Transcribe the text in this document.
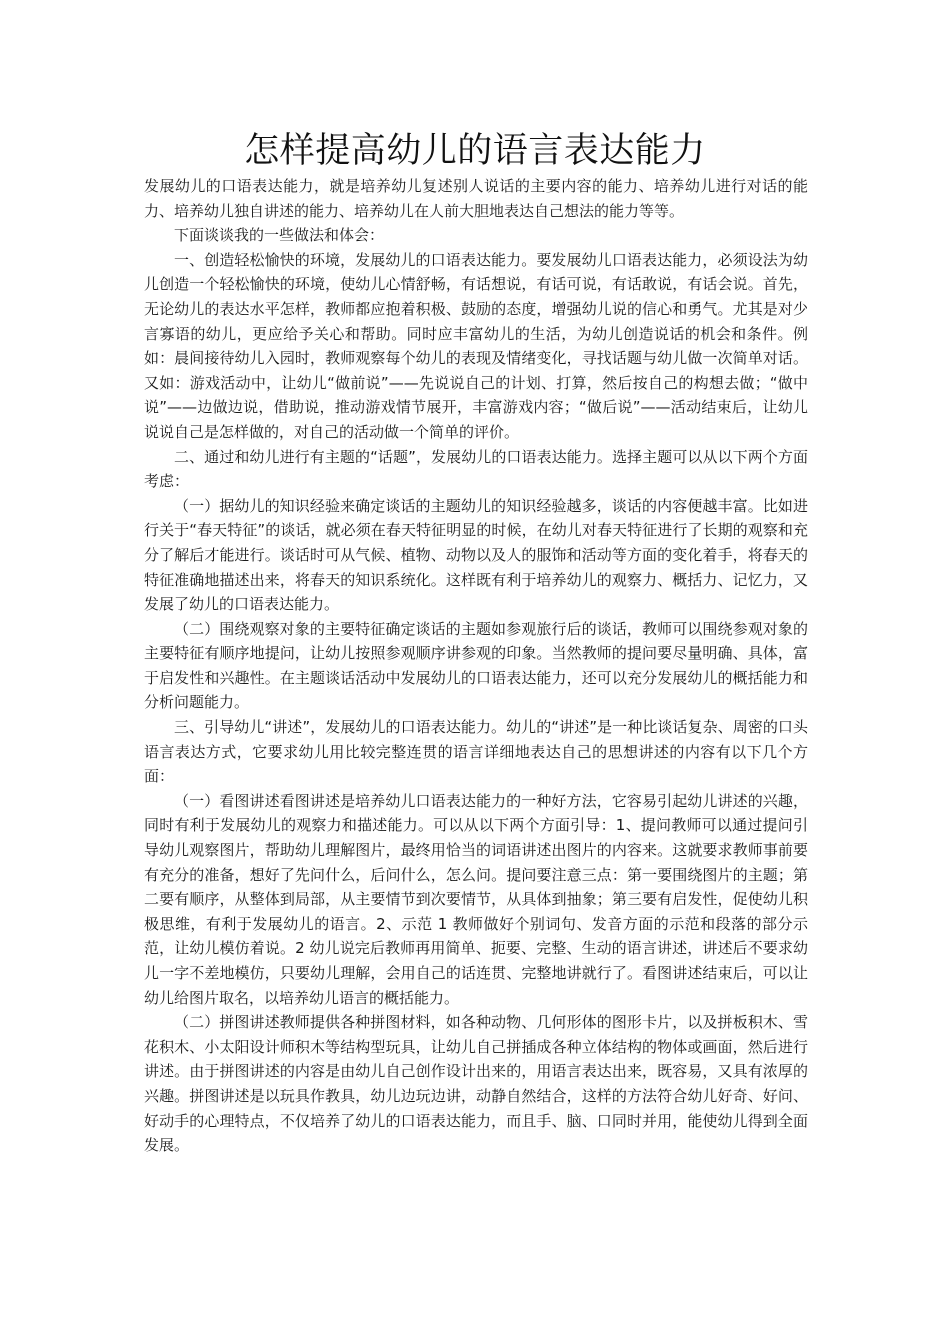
怎样提高幼儿的语言表达能力

发展幼儿的口语表达能力，就是培养幼儿复述别人说话的主要内容的能力、培养幼儿进行对话的能力、培养幼儿独自讲述的能力、培养幼儿在人前大胆地表达自己想法的能力等等。

下面谈谈我的一些做法和体会：

一、创造轻松愉快的环境，发展幼儿的口语表达能力。要发展幼儿口语表达能力，必须设法为幼儿创造一个轻松愉快的环境，使幼儿心情舒畅，有话想说，有话可说，有话敢说，有话会说。首先，无论幼儿的表达水平怎样，教师都应抱着积极、鼓励的态度，增强幼儿说的信心和勇气。尤其是对少言寡语的幼儿，更应给予关心和帮助。同时应丰富幼儿的生活，为幼儿创造说话的机会和条件。例如：晨间接待幼儿入园时，教师观察每个幼儿的表现及情绪变化，寻找话题与幼儿做一次简单对话。又如：游戏活动中，让幼儿“做前说”——先说说自己的计划、打算，然后按自己的构想去做；“做中说”——边做边说，借助说，推动游戏情节展开，丰富游戏内容；“做后说”——活动结束后，让幼儿说说自己是怎样做的，对自己的活动做一个简单的评价。

二、通过和幼儿进行有主题的“话题”，发展幼儿的口语表达能力。选择主题可以从以下两个方面考虑：

（一）据幼儿的知识经验来确定谈话的主题幼儿的知识经验越多，谈话的内容便越丰富。比如进行关于“春天特征”的谈话，就必须在春天特征明显的时候，在幼儿对春天特征进行了长期的观察和充分了解后才能进行。谈话时可从气候、植物、动物以及人的服饰和活动等方面的变化着手，将春天的特征准确地描述出来，将春天的知识系统化。这样既有利于培养幼儿的观察力、概括力、记忆力，又发展了幼儿的口语表达能力。

（二）围绕观察对象的主要特征确定谈话的主题如参观旅行后的谈话，教师可以围绕参观对象的主要特征有顺序地提问，让幼儿按照参观顺序讲参观的印象。当然教师的提问要尽量明确、具体，富于启发性和兴趣性。在主题谈话活动中发展幼儿的口语表达能力，还可以充分发展幼儿的概括能力和分析问题能力。

三、引导幼儿“讲述”，发展幼儿的口语表达能力。幼儿的“讲述”是一种比谈话复杂、周密的口头语言表达方式，它要求幼儿用比较完整连贯的语言详细地表达自己的思想讲述的内容有以下几个方面：

（一）看图讲述看图讲述是培养幼儿口语表达能力的一种好方法，它容易引起幼儿讲述的兴趣，同时有利于发展幼儿的观察力和描述能力。可以从以下两个方面引导：1、提问教师可以通过提问引导幼儿观察图片，帮助幼儿理解图片，最终用恰当的词语讲述出图片的内容来。这就要求教师事前要有充分的准备，想好了先问什么，后问什么，怎么问。提问要注意三点：第一要围绕图片的主题；第二要有顺序，从整体到局部，从主要情节到次要情节，从具体到抽象；第三要有启发性，促使幼儿积极思维，有利于发展幼儿的语言。2、示范 1 教师做好个别词句、发音方面的示范和段落的部分示范，让幼儿模仿着说。2 幼儿说完后教师再用简单、扼要、完整、生动的语言讲述，讲述后不要求幼儿一字不差地模仿，只要幼儿理解，会用自己的话连贯、完整地讲就行了。看图讲述结束后，可以让幼儿给图片取名，以培养幼儿语言的概括能力。

（二）拼图讲述教师提供各种拼图材料，如各种动物、几何形体的图形卡片，以及拼板积木、雪花积木、小太阳设计师积木等结构型玩具，让幼儿自己拼插成各种立体结构的物体或画面，然后进行讲述。由于拼图讲述的内容是由幼儿自己创作设计出来的，用语言表达出来，既容易，又具有浓厚的兴趣。拼图讲述是以玩具作教具，幼儿边玩边讲，动静自然结合，这样的方法符合幼儿好奇、好问、好动手的心理特点，不仅培养了幼儿的口语表达能力，而且手、脑、口同时并用，能使幼儿得到全面发展。
